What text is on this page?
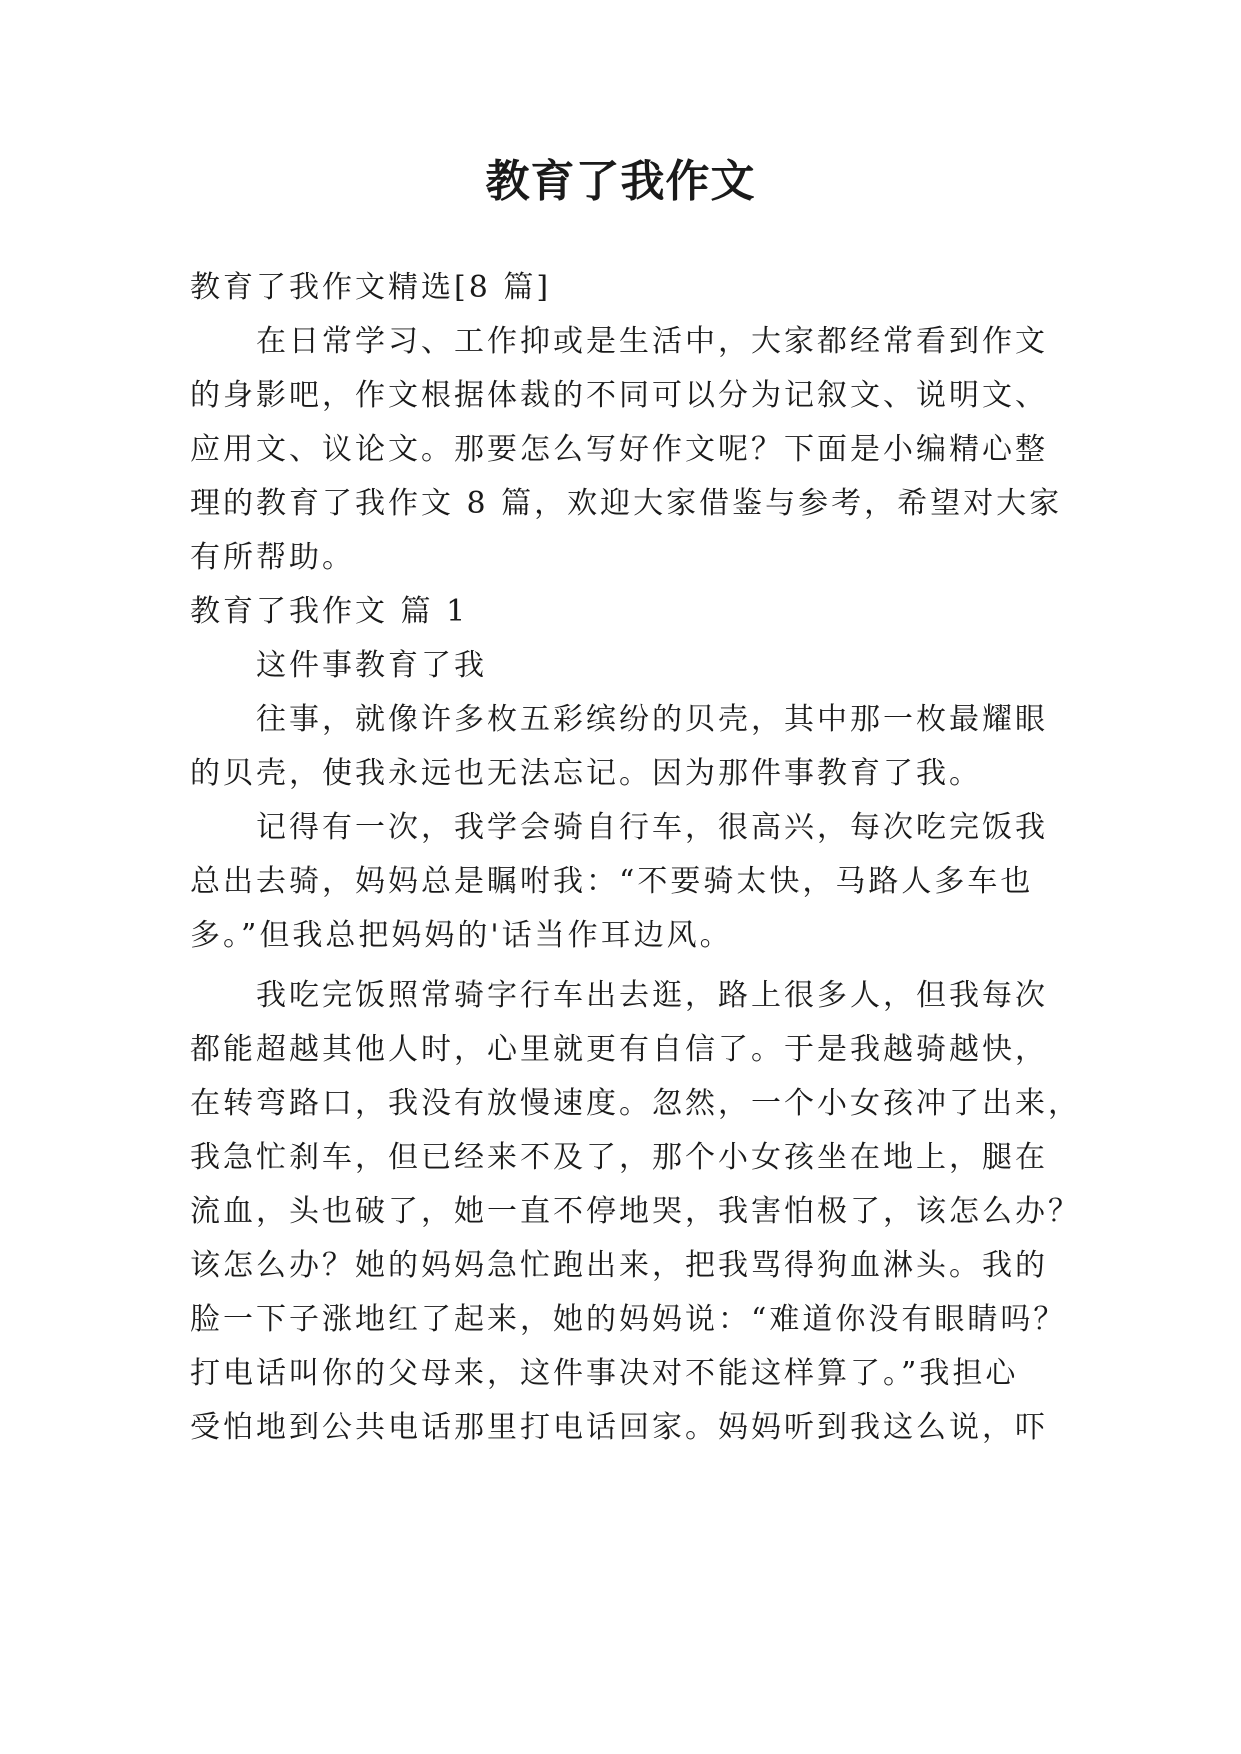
教育了我作文
教育了我作文精选[8 篇]
在日常学习、工作抑或是生活中，大家都经常看到作文
的身影吧，作文根据体裁的不同可以分为记叙文、说明文、
应用文、议论文。那要怎么写好作文呢？下面是小编精心整
理的教育了我作文 8 篇，欢迎大家借鉴与参考，希望对大家
有所帮助。
教育了我作文 篇 1
这件事教育了我
往事，就像许多枚五彩缤纷的贝壳，其中那一枚最耀眼
的贝壳，使我永远也无法忘记。因为那件事教育了我。
记得有一次，我学会骑自行车，很高兴，每次吃完饭我
总出去骑，妈妈总是瞩咐我：“不要骑太快，马路人多车也
多。”但我总把妈妈的'话当作耳边风。
我吃完饭照常骑字行车出去逛，路上很多人，但我每次
都能超越其他人时，心里就更有自信了。于是我越骑越快，
在转弯路口，我没有放慢速度。忽然，一个小女孩冲了出来，
我急忙刹车，但已经来不及了，那个小女孩坐在地上，腿在
流血，头也破了，她一直不停地哭，我害怕极了，该怎么办？
该怎么办？她的妈妈急忙跑出来，把我骂得狗血淋头。我的
脸一下子涨地红了起来，她的妈妈说：“难道你没有眼睛吗？
打电话叫你的父母来，这件事决对不能这样算了。”我担心
受怕地到公共电话那里打电话回家。妈妈听到我这么说，吓
